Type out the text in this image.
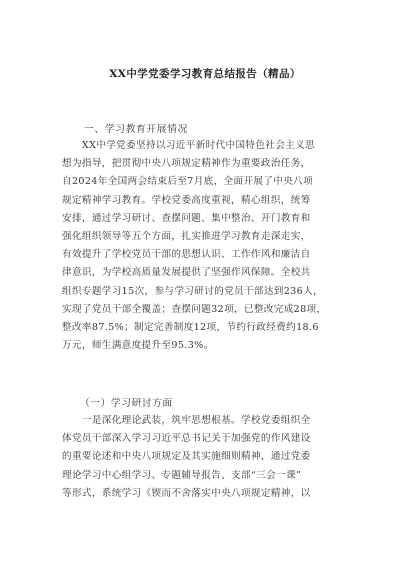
XX中学党委学习教育总结报告（精品）
一、学习教育开展情况
　　XX中学党委坚持以习近平新时代中国特色社会主义思
想为指导，把贯彻中央八项规定精神作为重要政治任务，
自2024年全国两会结束后至7月底，全面开展了中央八项
规定精神学习教育。学校党委高度重视，精心组织，统筹
安排，通过学习研讨、查摆问题、集中整治、开门教育和
强化组织领导等五个方面，扎实推进学习教育走深走实，
有效提升了学校党员干部的思想认识、工作作风和廉洁自
律意识，为学校高质量发展提供了坚强作风保障。全校共
组织专题学习15次，参与学习研讨的党员干部达到236人，
实现了党员干部全覆盖；查摆问题32项，已整改完成28项，
整改率87.5%；制定完善制度12项，节约行政经费约18.6
万元，师生满意度提升至95.3%。
（一）学习研讨方面
　　一是深化理论武装，筑牢思想根基。学校党委组织全
体党员干部深入学习习近平总书记关于加强党的作风建设
的重要论述和中央八项规定及其实施细则精神，通过党委
理论学习中心组学习、专题辅导报告、支部“三会一课”
等形式，系统学习《锲而不舍落实中央八项规定精神，以
